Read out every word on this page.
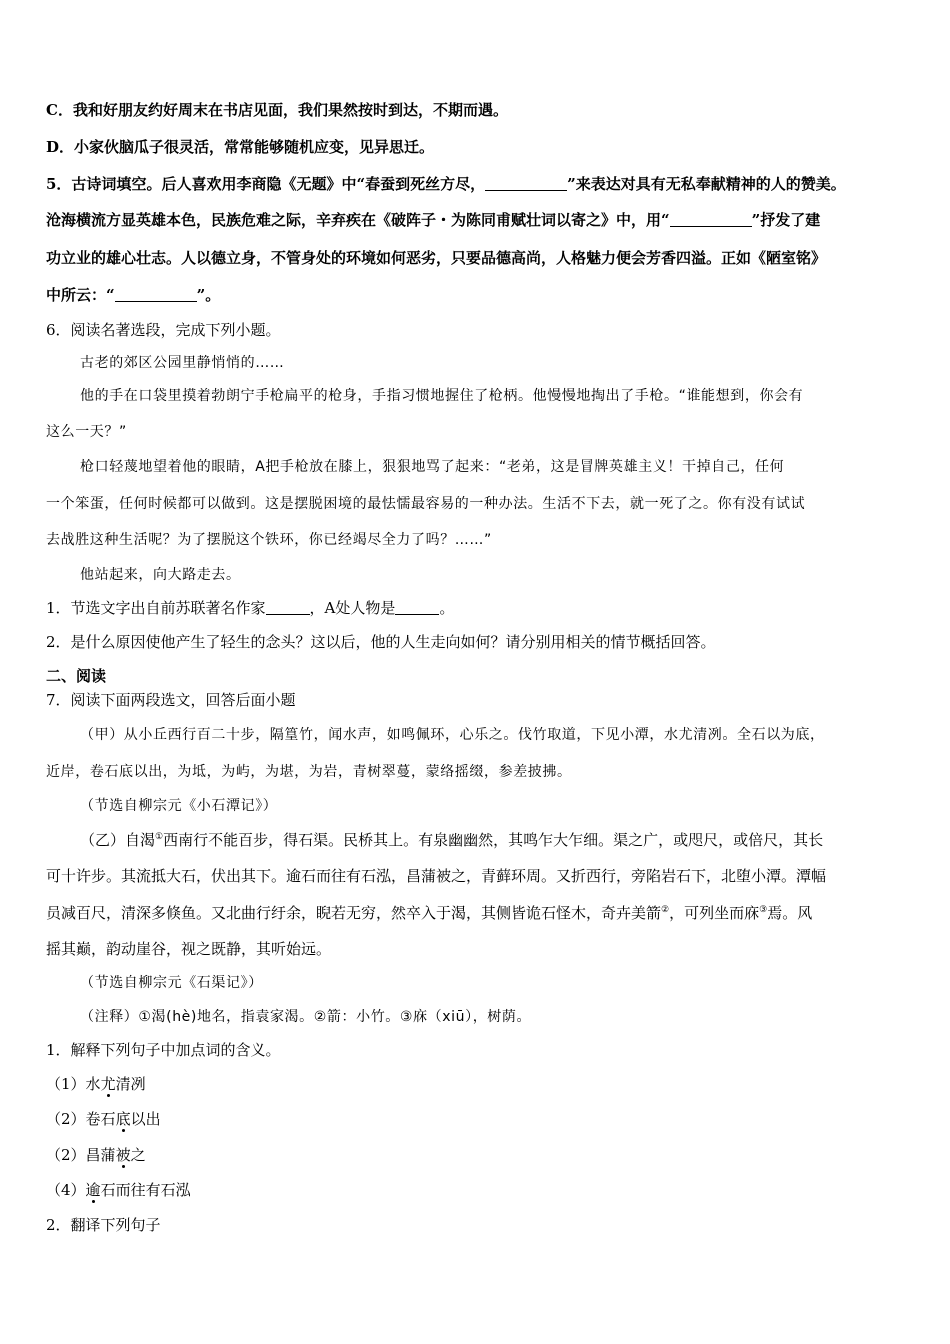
C．我和好朋友约好周末在书店见面，我们果然按时到达，不期而遇。
D．小家伙脑瓜子很灵活，常常能够随机应变，见异思迁。
5．古诗词填空。后人喜欢用李商隐《无题》中“春蚕到死丝方尽，	”来表达对具有无私奉献精神的人的赞美。
沧海横流方显英雄本色，民族危难之际，辛弃疾在《破阵子・为陈同甫赋壮词以寄之》中，用“	”抒发了建
功立业的雄心壮志。人以德立身，不管身处的环境如何恶劣，只要品德高尚，人格魅力便会芳香四溢。正如《陋室铭》
中所云：“	”。
6．阅读名著选段，完成下列小题。
古老的郊区公园里静悄悄的……
他的手在口袋里摸着勃朗宁手枪扁平的枪身，手指习惯地握住了枪柄。他慢慢地掏出了手枪。“谁能想到，你会有
这么一天？”
枪口轻蔑地望着他的眼睛，A把手枪放在膝上，狠狠地骂了起来：“老弟，这是冒牌英雄主义！干掉自己，任何
一个笨蛋，任何时候都可以做到。这是摆脱困境的最怯懦最容易的一种办法。生活不下去，就一死了之。你有没有试试
去战胜这种生活呢？为了摆脱这个铁环，你已经竭尽全力了吗？……”
他站起来，向大路走去。
1．节选文字出自前苏联著名作家	，A处人物是	。
2．是什么原因使他产生了轻生的念头？这以后，他的人生走向如何？请分别用相关的情节概括回答。
二、阅读
7．阅读下面两段选文，回答后面小题
（甲）从小丘西行百二十步，隔篁竹，闻水声，如鸣佩环，心乐之。伐竹取道，下见小潭，水尤清冽。全石以为底，
近岸，卷石底以出，为坻，为屿，为堪，为岩，青树翠蔓，蒙络摇缀，参差披拂。
（节选自柳宗元《小石潭记》）
（乙）自渴①西南行不能百步，得石渠。民桥其上。有泉幽幽然，其鸣乍大乍细。渠之广，或咫尺，或倍尺，其长
可十许步。其流抵大石，伏出其下。逾石而往有石泓，昌蒲被之，青藓环周。又折西行，旁陷岩石下，北堕小潭。潭幅
员减百尺，清深多倏鱼。又北曲行纡余，睨若无穷，然卒入于渴，其侧皆诡石怪木，奇卉美箭②，可列坐而庥③焉。风
摇其巅，韵动崖谷，视之既静，其听始远。
（节选自柳宗元《石渠记》）
（注释）①渴(hè)地名，指袁家渴。②箭：小竹。③庥（xiū），树荫。
1．解释下列句子中加点词的含义。
（1）水尤清冽
（2）卷石底以出
（2）昌蒲被之
（4）逾石而往有石泓
2．翻译下列句子
